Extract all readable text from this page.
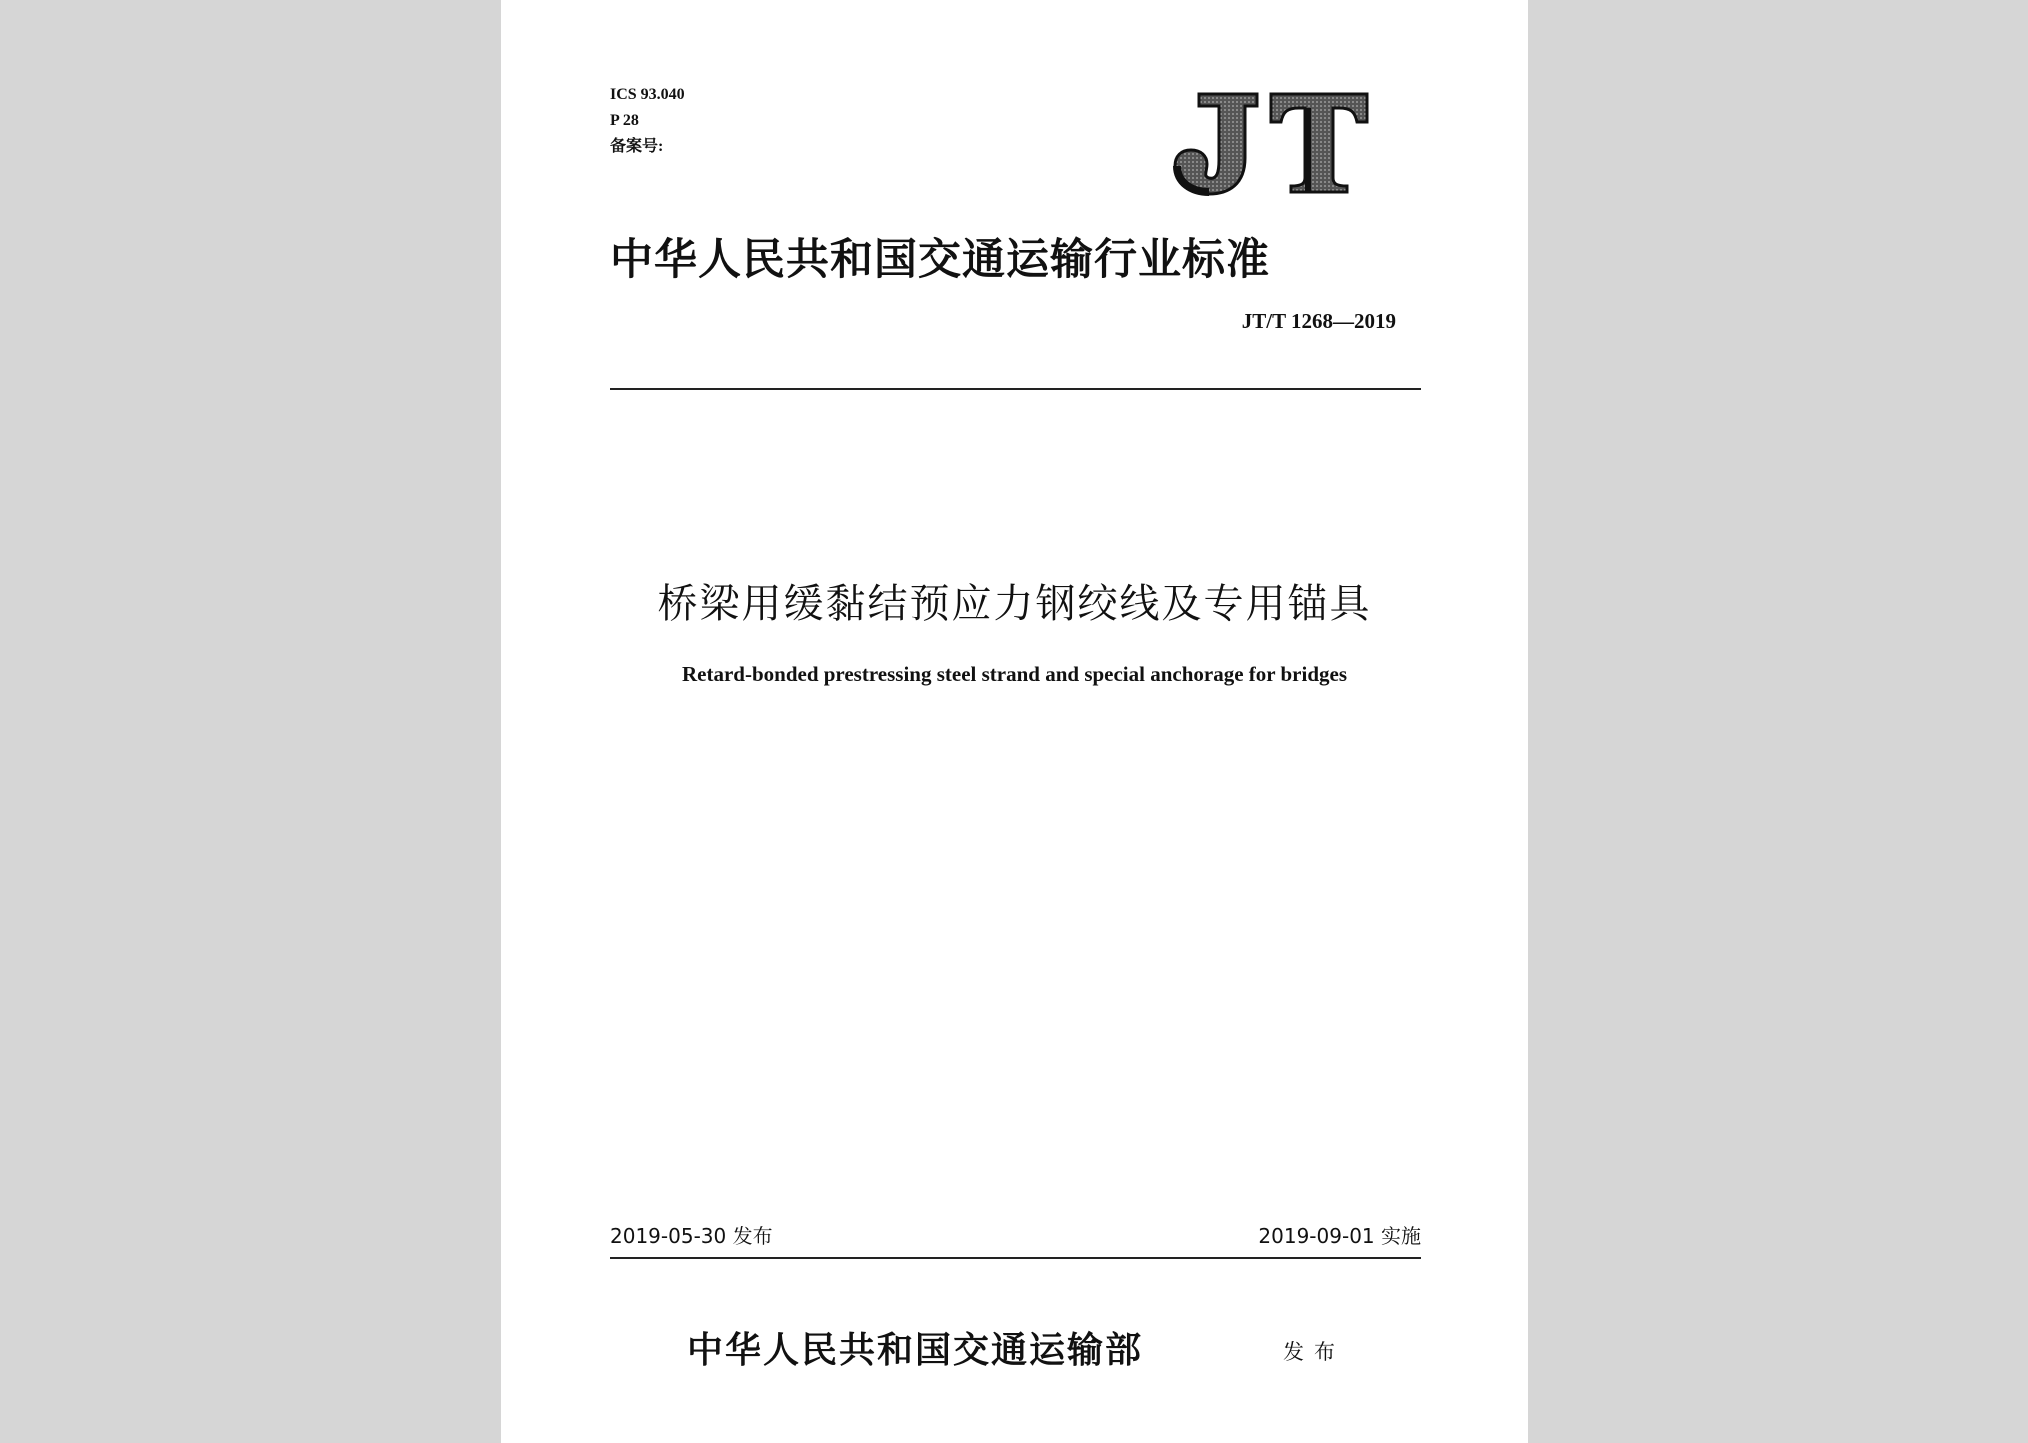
ICS 93.040
P 28
备案号:
中华人民共和国交通运输行业标准
JT/T 1268—2019
桥梁用缓黏结预应力钢绞线及专用锚具
Retard-bonded prestressing steel strand and special anchorage for bridges
2019-05-30 发布	2019-09-01 实施
中华人民共和国交通运输部	发布
